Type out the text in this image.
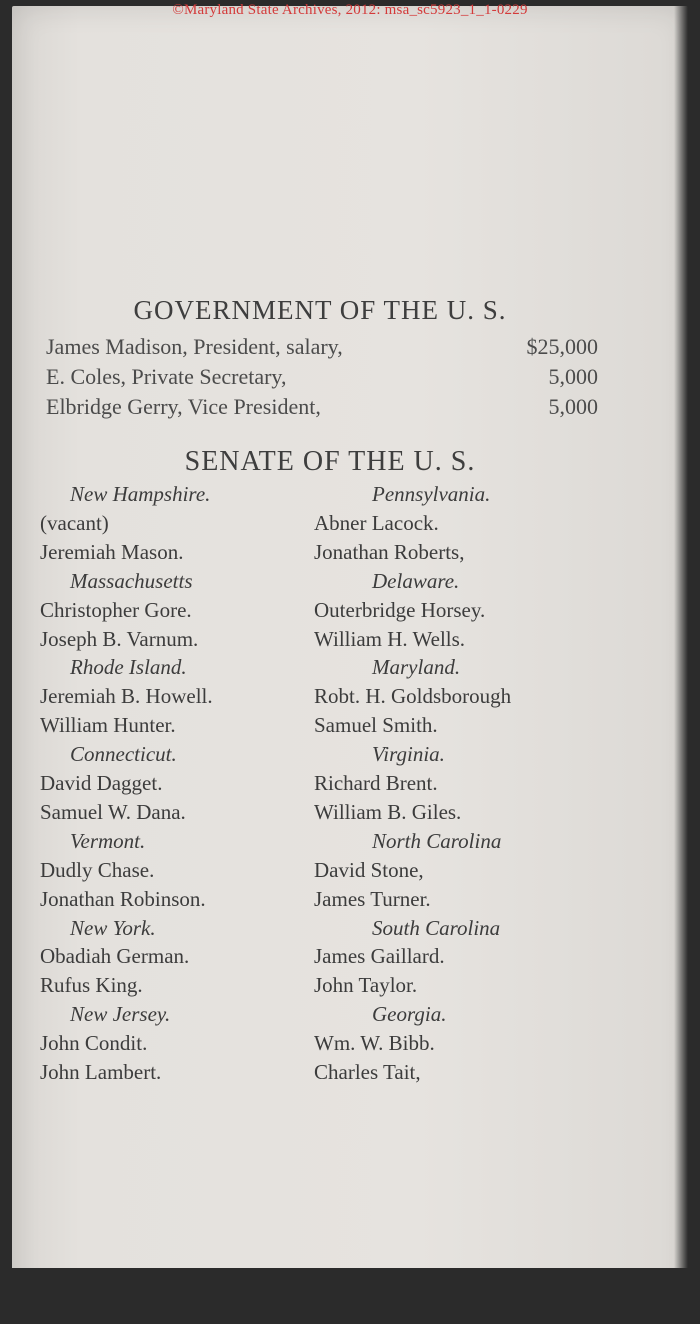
©Maryland State Archives, 2012: msa_sc5923_1_1-0229
GOVERNMENT OF THE U. S.
James Madison, President, salary,	$25,000
E. Coles, Private Secretary,	5,000
Elbridge Gerry, Vice President,	5,000
SENATE OF THE U. S.
New Hampshire.
(vacant)
Jeremiah Mason.
Massachusetts
Christopher Gore.
Joseph B. Varnum.
Rhode Island.
Jeremiah B. Howell.
William Hunter.
Connecticut.
David Dagget.
Samuel W. Dana.
Vermont.
Dudly Chase.
Jonathan Robinson.
New York.
Obadiah German.
Rufus King.
New Jersey.
John Condit.
John Lambert.
Pennsylvania.
Abner Lacock.
Jonathan Roberts,
Delaware.
Outerbridge Horsey.
William H. Wells.
Maryland.
Robt. H. Goldsborough
Samuel Smith.
Virginia.
Richard Brent.
William B. Giles.
North Carolina
David Stone,
James Turner.
South Carolina
James Gaillard.
John Taylor.
Georgia.
Wm. W. Bibb.
Charles Tait,
